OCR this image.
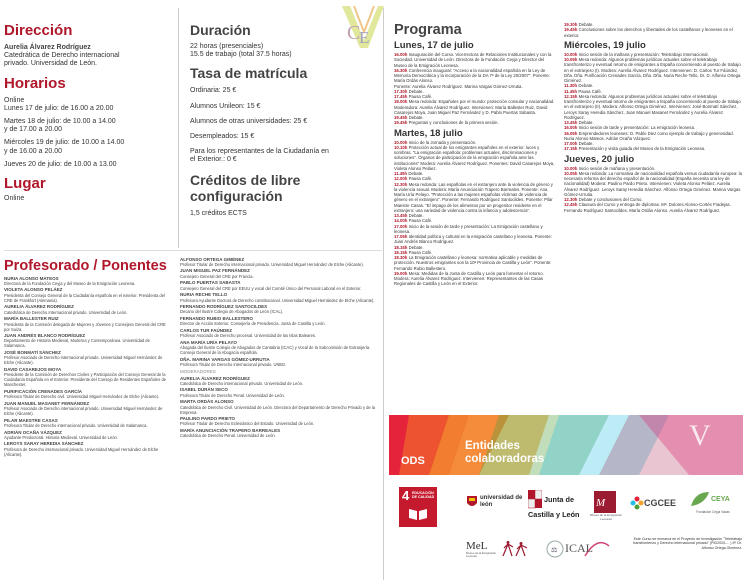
Dirección
Aurelia Álvarez Rodríguez
Catedrática de Derecho internacional
privado. Universidad de León.
Horarios
Online
Lunes 17 de julio: de 16.00 a 20.00
Martes 18 de julio: de 10.00 a 14.00
y de 17.00 a 20.00
Miércoles 19 de julio: de 10.00 a 14.00
y de 16.00 a 20.00
Jueves 20 de julio: de 10.00 a 13.00
Lugar
Online
Duración
22 horas (presenciales)
15.5 de trabajo (total 37.5 horas)
Tasa de matrícula
Ordinaria: 25 €
Alumnos Unileon: 15 €
Alumnos de otras universidades: 25 €
Desempleados: 15 €
Para los representantes de la Ciudadanía en
el Exterior.: 0 €
Créditos de libre
configuración
1,5 créditos ECTS
C
E
Profesorado / Ponentes
NURIA ALONSO MATEOS
Directora de la Fundación Ceyja y del Museo de la Emigración Leonesa.
VIOLETA ALONSO PELÁEZ
Presidenta del Consejo General de la Ciudadanía española en el exterior. Presidenta del CRE de Frankfort (Alemania).
AURELIA ÁLVAREZ RODRÍGUEZ
Catedrática de Derecho Internacional privado. Universidad de León.
MARÍA BALLESTER RUIZ
Presidenta de la Comisión delegada de Mujeres y Jóvenes y Consejera General del CRE por Suiza.
JUAN ANDRÉS BLANCO RODRÍGUEZ
Departamento de Historia Medieval, Moderna y Contemporánea. Universidad de Salamanca.
JOSÉ BONMATÍ SÁNCHEZ
Profesor Asociado de Derecho internacional privado. Universidad Miguel Hernández de Elche (Alicante).
DAVID CASAREJOS MOYA
Presidente de la Comisión de Derechos Civiles y Participación del Consejo General de la Ciudadanía Española en el Exterior. Presidente del Consejo de Residentes Españoles de Manchester.
PURIFICACIÓN CRENADES GARCÍA
Profesora Titular de Derecho civil. Universidad Miguel Hernández de Elche (Alicante).
JUAN MANUEL MASANET FERNÁNDEZ
Profesor Asociado de Derecho internacional privado. Universidad Miguel Hernández de Elche (Alicante).
PILAR MAESTRE CASAS
Profesora Titular de Derecho internacional privado. Universidad de Salamanca.
ADRIÁN OCAÑA VÁZQUEZ
Ayudante Predoctoral. Historia Medieval. Universidad de León.
LEROYS SARAY HEREDIA SÁNCHEZ
Profesora de Derecho internacional privado. Universidad Miguel Hernández de Elche (Alicante).
ALFONSO ORTEGA GIMÉNEZ
Profesor Titular de Derecho internacional privado. Universidad Miguel Hernández de Elche (Alicante).
JUAN MIGUEL PAZ FERNÁNDEZ
Consejero General del CRE por Francia.
PABLO PUERTAS SABASTA
Consejero General del CRE por EEUU y vocal del Comité Único del Personal Laboral en el Exterior.
NURIA RECHE TELLO
Profesora Ayudante Doctora de Derecho constitucional. Universidad Miguel Hernández de Elche (Alicante).
FERNANDO RODRÍGUEZ SANTOCILDES
Decano del Ilustre Colegio de Abogados de León (ICAL).
FERNANDO RUBIO BALLESTERO
Director de Acción Exterior. Consejería de Presidencia. Junta de Castilla y León.
CARLOS TUR FAÚNDEZ
Profesor Asociado de Derecho procesal. Universidad de las Islas Baleares.
ANA MARÍA URÍA PELAYO
Abogada del Ilustre Colegio de Abogados de Cantabria (ICAC) y Vocal de la Subcomisión de Extranjería. Consejo General de la Abogacía española.
DÑA. MARINA VARGAS GÓMEZ-URRUTIA
Profesora Titular de Derecho internacional privado. UNED.
MODERADORES
AURELIA ÁLVAREZ RODRÍGUEZ
Catedrática de Derecho internacional privado. Universidad de León.
ISABEL DURÁN SECO
Profesora Titular de Derecho Penal. Universidad de León.
MARTA ORDÁS ALONSO
Catedrática de Derecho Civil. Universidad de León. Directora del Departamento de Derecho Privado y de la Empresa.
PAULINO PARDO PRIETO
Profesor Titular de Derecho Eclesiástico del Estado. Universidad de León.
MARÍA ANUNCIACIÓN TRAPERO BARREALES
Catedrática de Derecho Penal. Universidad de León.
Programa
Lunes, 17 de julio

16.00h Inauguración del Curso. Vicerrectora de Relaciones Institucionales y con la Sociedad. Universidad de León. Directora de la Fundación Ceyja y Director del Museo de la Emigración Leonesa.

16.30h Conferencia inaugural: "Acceso a la nacionalidad española en la Ley de Memoria Democrática y la incorporación de la DA 7ª de la Ley 20/2007". Ponente: María Ordás Alonso.

Ponente: Aurelia Álvarez Rodríguez. Marina Vargas Gómez-Urrutia.

17.30h Debate.

17.45h Pausa Café.

18.00h Mesa redonda: Españoles por el mundo: protección consular y nacionalidad. Moderadora: Aurelia Álvarez Rodríguez. Intervienen: María Ballester Ruiz, David Casarejos Moya, Juan Miguel Paz Fernández y D. Pablo Puertas Sabasta.

19.45h Debate.

19.45h Preguntas y conclusiones de la primera sesión.

Martes, 18 julio

10.00h Inicio de la Jornada y presentación.

10.10h Protección actual de los emigrantes españoles en el exterior: luces y sombras. "La emigración española: problemas actuales, discriminaciones y soluciones". Órganos de participación de la emigración española ante las instituciones" Modera: Aurelia Álvarez Rodríguez. Ponentes: David Casarejos Moya, Violeta Alonso Peláez.

11.45h Debate.

12.00h Pausa Café.

12.30h Mesa redonda: Las españolas en el extranjero ante la violencia de género y la violencia sexual. Modera: María Anunciación Trapero Barreales. Ponente: Ana María Uría Pelayo. "Protección a las mujeres españolas víctimas de violencia de género en el extranjero". Ponente: Fernando Rodríguez Santocildes. Ponente: Pilar Maestre Casas. "El impago de los alimentos por un progenitor residente en el extranjero: una variedad de violencia contra la infancia y adolescencia".

13.45h Debate.

14.00h Pausa Café.

17.00h Inicio de la sesión de tarde y presentación: La Emigración castellano y leonesa.

17.05h Identidad política y cultural en la emigración castellano y leonesa. Ponente: Juan Andrés Blanco Rodríguez.

18.15h Debate.

18.15h Pausa Café.

18.30h La Emigración castellano y leonesa: normativa aplicable y medidas de protección. Nuestros emigrantes son la 10ª Provincia de Castilla y León". Ponente: Fernando Rubio Ballestero.

19.00h Mesa: Medidas de la Junta de Castilla y León para fomentar el retorno. Modera: Aurelia Álvarez Rodríguez. Intervienen: Representantes de las Casas Regionales de Castilla y León en el Exterior.

19.30h Debate.

19.45h Conclusiones sobre los derechos y libertades de los castellanos y leoneses en el exterior.

Miércoles, 19 julio

10.00h Inicio sesión de la mañana y presentación: Teletrabajo internacional.

10.05h Mesa redonda: Algunos problemas jurídicos actuales sobre el teletrabajo transfronterizo y eventual retorno de emigrantes a España concerniendo al puesto de trabajo en el extranjero (I). Modera: Aurelia Álvarez Rodríguez. Intervienen: D. Carlos Tur Fáúndez, Dña. Dña. Purificación Crenades García, Dña. Dña. Nuria Reche Tello, Dr. D. Alfonso Ortega Giménez.

11.30h Debate.

11.45h Pausa Café.

12.15h Mesa redonda: Algunos problemas jurídicos actuales sobre el teletrabajo transfronterizo y eventual retorno de emigrantes a España concerniendo al puesto de trabajo en el extranjero (II). Modera: Alfonso Ortega Giménez. Intervienen: José Bonmatí Sánchez, Leroys Saray Heredia Sánchez, Juan Manuel Masanet Fernández y Aurelia Álvarez Rodríguez.

13.45h Debate.

16.00h Inicio sesión de tarde y presentación: La emigración leonesa.

16.05h Emprendedores leoneses: D. Pablo Diez como ejemplo de trabajo y generosidad. Nuria Alonso Mateos. Adrián Ocaña Vázquez.

17.00h Debate.

17.15h Presentación y visita guiada del Museo de la Emigración Leonesa.

Jueves, 20 julio

10.00h Inicio sesión de mañana y presentación.

10.05h Mesa redonda: La normativa de nacionalidad española versus ciudadanía europea: la necesaria reforma del derecho español de la nacionalidad (España necesita una ley de nacionalidad) Modera: Paulino Pardo Prieto. Intervienen: Violeta Alonso Peláez. Aurelia Álvarez Rodríguez. Leroys Saray Heredia Sánchez. Alfonso Ortega Giménez. Marina Vargas Gómez-Urrutia.

12.30h Debate y conclusiones del Curso.

12.45h Clausura del Curso y entrega de diplomas. Mª. Dolores Alonso-Cortés Fradejas. Fernando Rodríguez Santocildes. María Ordás Alonso. Aurelia Álvarez Rodríguez.

V
ODS
Entidades
colaboradoras
4 EDUCACIÓN DE CALIDAD	universidad de león
Junta de
Castilla y León
M
Museo de la Emigración Leonesa
CGCEE	CEYA
Fundación Ceyja Vacas
MeL
Museo de la Emigración Leonesa
⚖ ICAL
Este Curso se enmarca en el Proyecto de Investigación "Teletrabajo transfronterizo y Derecho internacional privado" (PID2020-... ) IP. Dr. Alfonso Ortega Giménez.
